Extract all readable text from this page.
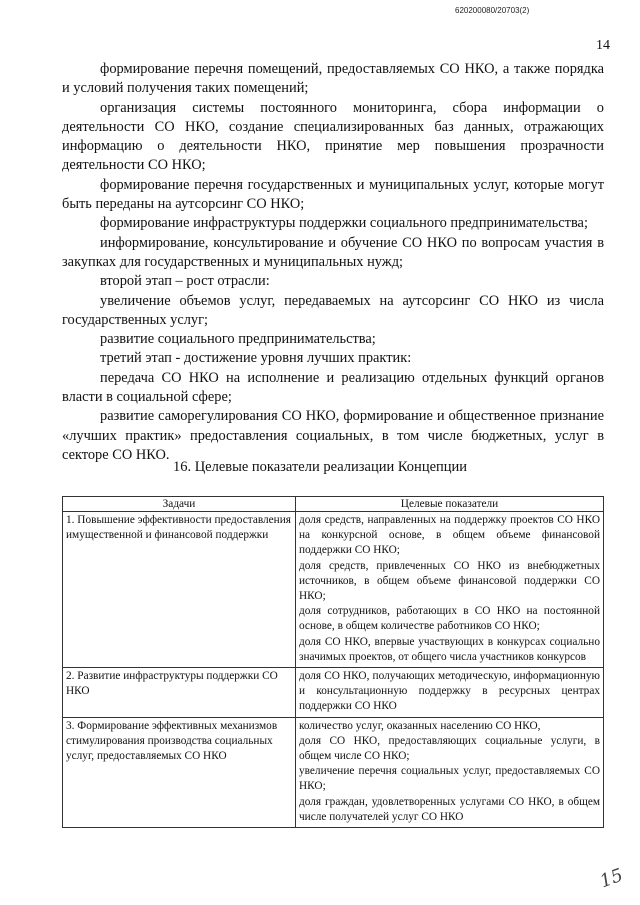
620200080/20703(2)
14

формирование перечня помещений, предоставляемых СО НКО, а также порядка и условий получения таких помещений;

организация системы постоянного мониторинга, сбора информации о деятельности СО НКО, создание специализированных баз данных, отражающих информацию о деятельности НКО, принятие мер повышения прозрачности деятельности СО НКО;

формирование перечня государственных и муниципальных услуг, которые могут быть переданы на аутсорсинг СО НКО;

формирование инфраструктуры поддержки социального предпринимательства;

информирование, консультирование и обучение СО НКО по вопросам участия в закупках для государственных и муниципальных нужд;

второй этап – рост отрасли:

увеличение объемов услуг, передаваемых на аутсорсинг СО НКО из числа государственных услуг;

развитие социального предпринимательства;

третий этап - достижение уровня лучших практик:

передача СО НКО на исполнение и реализацию отдельных функций органов власти в социальной сфере;

развитие саморегулирования СО НКО, формирование и общественное признание «лучших практик» предоставления социальных, в том числе бюджетных, услуг в секторе СО НКО.

16. Целевые показатели реализации Концепции
Задачи	Целевые показатели
1. Повышение эффективности предоставления имущественной и финансовой поддержки	доля средств, направленных на поддержку проектов СО НКО на конкурсной основе, в общем объеме финансовой поддержки СО НКО;
доля средств, привлеченных СО НКО из внебюджетных источников, в общем объеме финансовой поддержки СО НКО;
доля сотрудников, работающих в СО НКО на постоянной основе, в общем количестве работников СО НКО;
доля СО НКО, впервые участвующих в конкурсах социально значимых проектов, от общего числа участников конкурсов

2. Развитие инфраструктуры поддержки СО НКО	доля СО НКО, получающих методическую, информационную и консультационную поддержку в ресурсных центрах поддержки СО НКО

3. Формирование эффективных механизмов стимулирования производства социальных услуг, предоставляемых СО НКО	количество услуг, оказанных населению СО НКО,
доля СО НКО, предоставляющих социальные услуги, в общем числе СО НКО;
увеличение перечня социальных услуг, предоставляемых СО НКО;
доля граждан, удовлетворенных услугами СО НКО, в общем числе получателей услуг СО НКО
15
